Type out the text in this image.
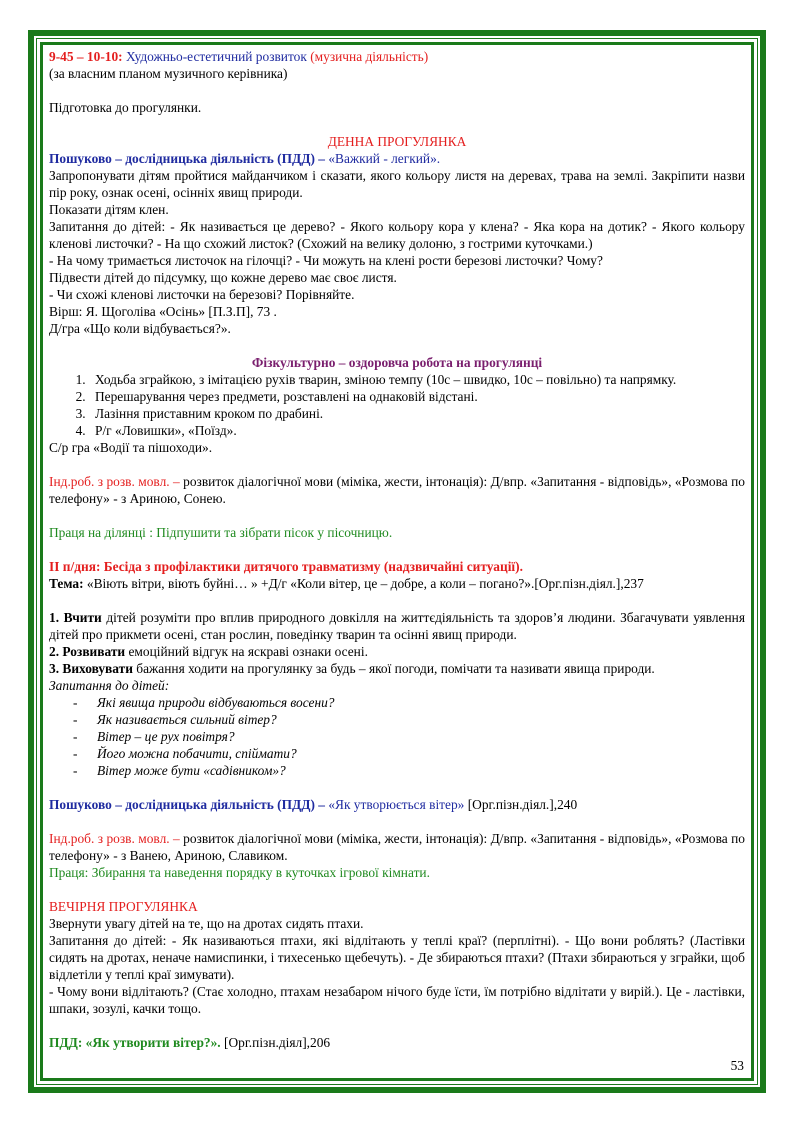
9-45 – 10-10: Художньо-естетичний розвиток (музична діяльність)

(за власним планом музичного керівника)

Підготовка до прогулянки.

ДЕННА ПРОГУЛЯНКА

Пошуково – дослідницька діяльність (ПДД) – «Важкий - легкий».

Запропонувати дітям пройтися майданчиком і сказати, якого кольору листя на деревах, трава на землі. Закріпити назви пір року, ознак осені, осінніх явищ природи.

Показати дітям клен.

Запитання до дітей: - Як називається це дерево? - Якого кольору кора у клена? - Яка кора на дотик? - Якого кольору кленові листочки? - На що схожий листок? (Схожий на велику долоню, з гострими куточками.)

- На чому тримається листочок на гілочці? - Чи можуть на клені рости березові листочки? Чому?

Підвести дітей до підсумку, що кожне дерево має своє листя.

- Чи схожі кленові листочки на березові? Порівняйте.

Вірш: Я. Щоголіва «Осінь» [П.З.П], 73 .

Д/гра «Що коли відбувається?».

Фізкультурно – оздоровча робота на прогулянці

1. Ходьба зграйкою, з імітацією рухів тварин, зміною темпу (10с – швидко, 10с – повільно) та напрямку.
2. Перешарування через предмети, розставлені на однаковій відстані.
3. Лазіння приставним кроком по драбині.
4. Р/г «Ловишки», «Поїзд».

С/р гра «Водії та пішоходи».

Інд.роб. з розв. мовл. – розвиток діалогічної мови (міміка, жести, інтонація): Д/впр. «Запитання - відповідь», «Розмова по телефону» - з Ариною, Сонею.

Праця на ділянці : Підпушити та зібрати пісок у пісочницю.

ІІ п/дня: Бесіда з профілактики дитячого травматизму (надзвичайні ситуації).

Тема: «Віють вітри, віють буйні… » +Д/г «Коли вітер, це – добре, а коли – погано?».[Орг.пізн.діял.],237

1. Вчити дітей розуміти про вплив природного довкілля на життєдіяльність та здоров’я людини. Збагачувати уявлення дітей про прикмети осені, стан рослин, поведінку тварин та осінні явищ природи.

2. Розвивати емоційний відгук на яскраві ознаки осені.

3. Виховувати бажання ходити на прогулянку за будь – якої погоди, помічати та називати явища природи.

Запитання до дітей:

- Які явища природи відбуваються восени?
- Як називається сильний вітер?
- Вітер – це рух повітря?
- Його можна побачити, спіймати?
- Вітер може бути «садівником»?

Пошуково – дослідницька діяльність (ПДД) – «Як утворюється вітер» [Орг.пізн.діял.],240

Інд.роб. з розв. мовл. – розвиток діалогічної мови (міміка, жести, інтонація): Д/впр. «Запитання - відповідь», «Розмова по телефону» - з Ванею, Ариною, Славиком.

Праця: Збирання та наведення порядку в куточках ігрової кімнати.

ВЕЧІРНЯ ПРОГУЛЯНКА

Звернути увагу дітей на те, що на дротах сидять птахи.

Запитання до дітей: - Як називаються птахи, які відлітають у теплі краї? (перплітні). - Що вони роблять? (Ластівки сидять на дротах, неначе намиспинки, і тихесенько щебечуть). - Де збираються птахи? (Птахи збираються у зграйки, щоб відлетіли у теплі краї зимувати).

- Чому вони відлітають? (Стає холодно, птахам незабаром нічого буде їсти, їм потрібно відлітати у вирій.). Це - ластівки, шпаки, зозулі, качки тощо.

ПДД: «Як утворити вітер?». [Орг.пізн.діял],206

53
